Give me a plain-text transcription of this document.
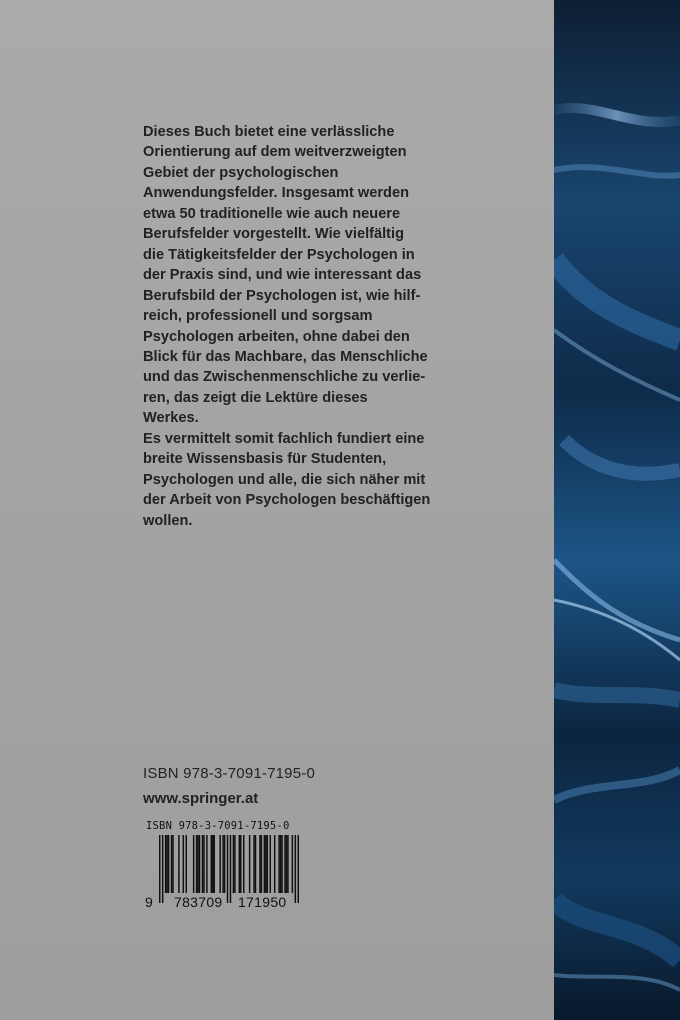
Dieses Buch bietet eine verlässliche
Orientierung auf dem weitverzweigten
Gebiet der psychologischen
Anwendungsfelder. Insgesamt werden
etwa 50 traditionelle wie auch neuere
Berufsfelder vorgestellt. Wie vielfältig
die Tätigkeitsfelder der Psychologen in
der Praxis sind, und wie interessant das
Berufsbild der Psychologen ist, wie hilf-
reich, professionell und sorgsam
Psychologen arbeiten, ohne dabei den
Blick für das Machbare, das Menschliche
und das Zwischenmenschliche zu verlie-
ren, das zeigt die Lektüre dieses
Werkes.

Es vermittelt somit fachlich fundiert eine
breite Wissensbasis für Studenten,
Psychologen und alle, die sich näher mit
der Arbeit von Psychologen beschäftigen
wollen.

ISBN 978-3-7091-7195-0
www.springer.at
ISBN 978-3-7091-7195-0
9 783709 171950
